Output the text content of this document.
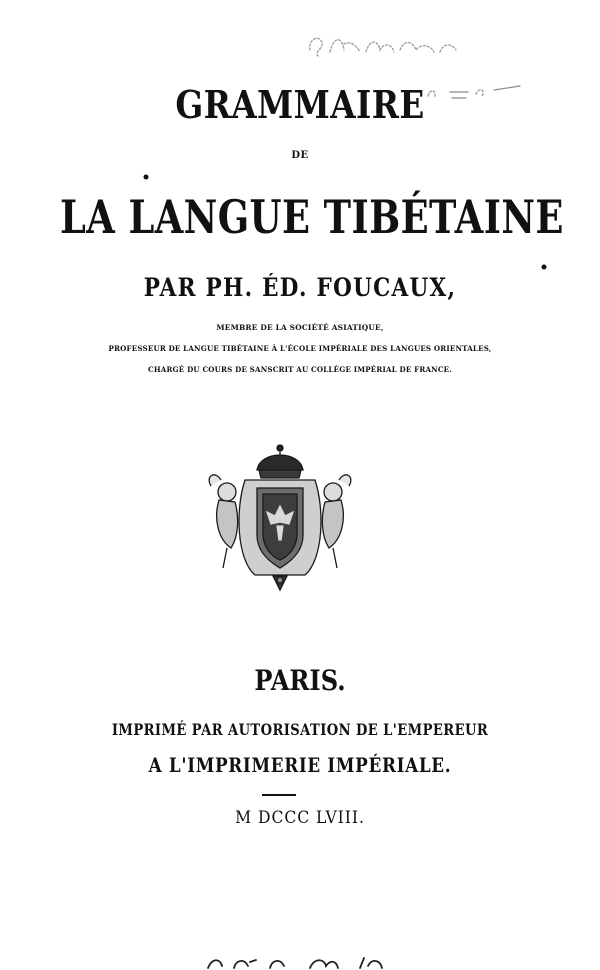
GRAMMAIRE
DE
LA LANGUE TIBÉTAINE
PAR PH. ÉD. FOUCAUX,
MEMBRE DE LA SOCIÉTÉ ASIATIQUE,
PROFESSEUR DE LANGUE TIBÉTAINE À L'ÉCOLE IMPÉRIALE DES LANGUES ORIENTALES,
CHARGÉ DU COURS DE SANSCRIT AU COLLÈGE IMPÉRIAL DE FRANCE.
PARIS.
IMPRIMÉ PAR AUTORISATION DE L'EMPEREUR
A L'IMPRIMERIE IMPÉRIALE.
M DCCC LVIII.
